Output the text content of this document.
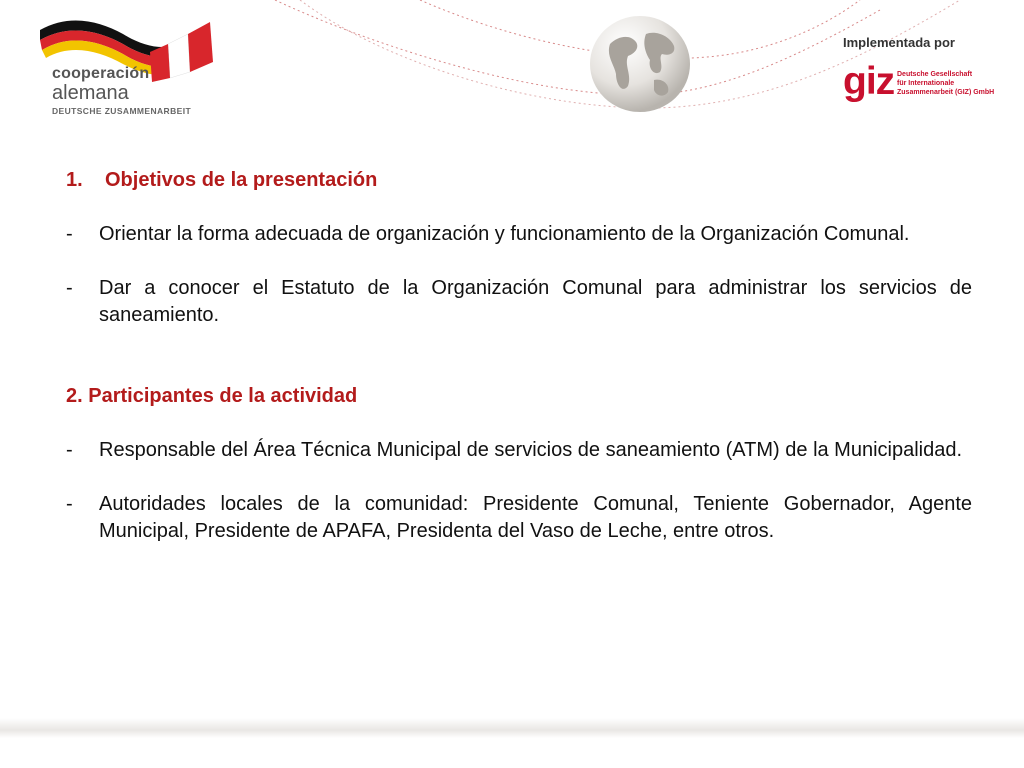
cooperación
alemana
DEUTSCHE ZUSAMMENARBEIT
Implementada por
giz Deutsche Gesellschaft
für Internationale
Zusammenarbeit (GIZ) GmbH
1. Objetivos de la presentación
- Orientar la forma adecuada de organización y funcionamiento de la Organización Comunal.
- Dar a conocer el Estatuto de la Organización Comunal para administrar los servicios de saneamiento.
2. Participantes de la actividad
- Responsable del Área Técnica Municipal de servicios de saneamiento (ATM) de la Municipalidad.
- Autoridades locales de la comunidad: Presidente Comunal, Teniente Gobernador, Agente Municipal, Presidente de APAFA, Presidenta del Vaso de Leche, entre otros.
